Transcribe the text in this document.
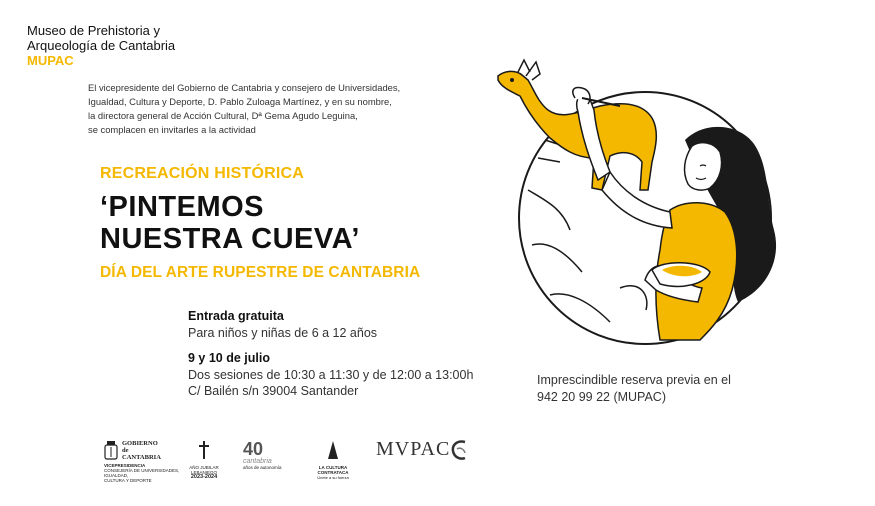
Museo de Prehistoria y
Arqueología de Cantabria
MUPAC
El vicepresidente del Gobierno de Cantabria y consejero de Universidades,
Igualdad, Cultura y Deporte, D. Pablo Zuloaga Martínez, y en su nombre,
la directora general de Acción Cultural, Dª Gema Agudo Leguina,
se complacen en invitarles a la actividad
RECREACIÓN HISTÓRICA
‘PINTEMOS
NUESTRA CUEVA’
DÍA DEL ARTE RUPESTRE DE CANTABRIA
Entrada gratuita
Para niños y niñas de 6 a 12 años
9 y 10 de julio
Dos sesiones de 10:30 a 11:30 y de 12:00 a 13:00h
C/ Bailén s/n 39004 Santander
Imprescindible reserva previa en el
942 20 99 22 (MUPAC)
GOBIERNO
de
CANTABRIA
VICEPRESIDENCIA
CONSEJERÍA DE UNIVERSIDADES, IGUALDAD,
CULTURA Y DEPORTE
AÑO JUBILAR
LEBANIEGO
2023-2024
40
cantabria
años de autonomía	LA CULTURA
CONTRATACA
Únete a su fuerza
MVPAC
